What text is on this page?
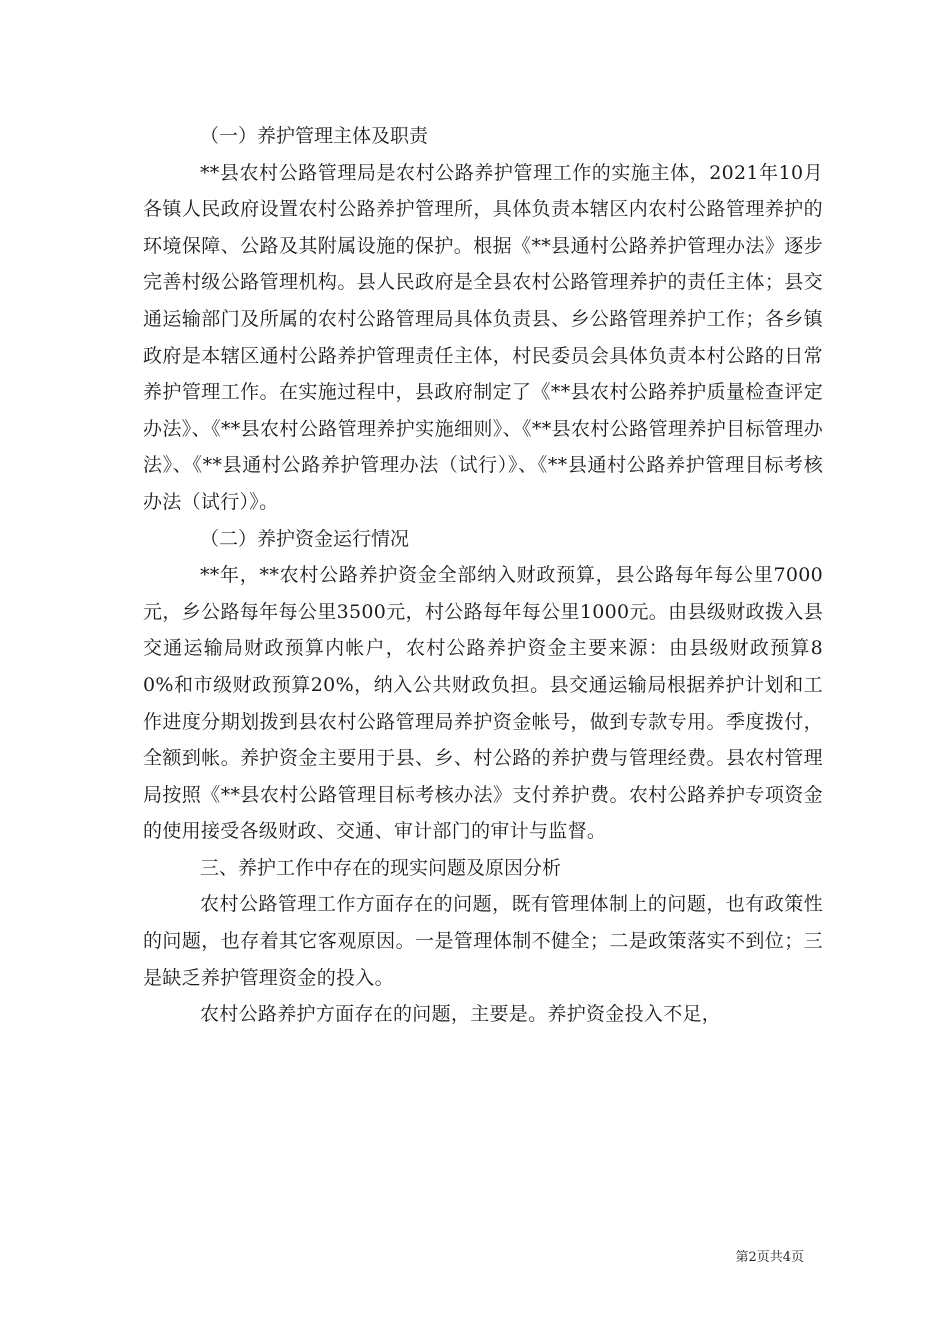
（一）养护管理主体及职责

**县农村公路管理局是农村公路养护管理工作的实施主体，2021年10月各镇人民政府设置农村公路养护管理所，具体负责本辖区内农村公路管理养护的环境保障、公路及其附属设施的保护。根据《**县通村公路养护管理办法》逐步完善村级公路管理机构。县人民政府是全县农村公路管理养护的责任主体；县交通运输部门及所属的农村公路管理局具体负责县、乡公路管理养护工作；各乡镇政府是本辖区通村公路养护管理责任主体，村民委员会具体负责本村公路的日常养护管理工作。在实施过程中，县政府制定了《**县农村公路养护质量检查评定办法》、《**县农村公路管理养护实施细则》、《**县农村公路管理养护目标管理办法》、《**县通村公路养护管理办法（试行）》、《**县通村公路养护管理目标考核办法（试行）》。

（二）养护资金运行情况

**年，**农村公路养护资金全部纳入财政预算，县公路每年每公里7000元，乡公路每年每公里3500元，村公路每年每公里1000元。由县级财政拨入县交通运输局财政预算内帐户，农村公路养护资金主要来源：由县级财政预算80%和市级财政预算20%，纳入公共财政负担。县交通运输局根据养护计划和工作进度分期划拨到县农村公路管理局养护资金帐号，做到专款专用。季度拨付，全额到帐。养护资金主要用于县、乡、村公路的养护费与管理经费。县农村管理局按照《**县农村公路管理目标考核办法》支付养护费。农村公路养护专项资金的使用接受各级财政、交通、审计部门的审计与监督。

三、养护工作中存在的现实问题及原因分析

农村公路管理工作方面存在的问题，既有管理体制上的问题，也有政策性的问题，也存着其它客观原因。一是管理体制不健全；二是政策落实不到位；三是缺乏养护管理资金的投入。

农村公路养护方面存在的问题，主要是。养护资金投入不足，

第2页共4页
